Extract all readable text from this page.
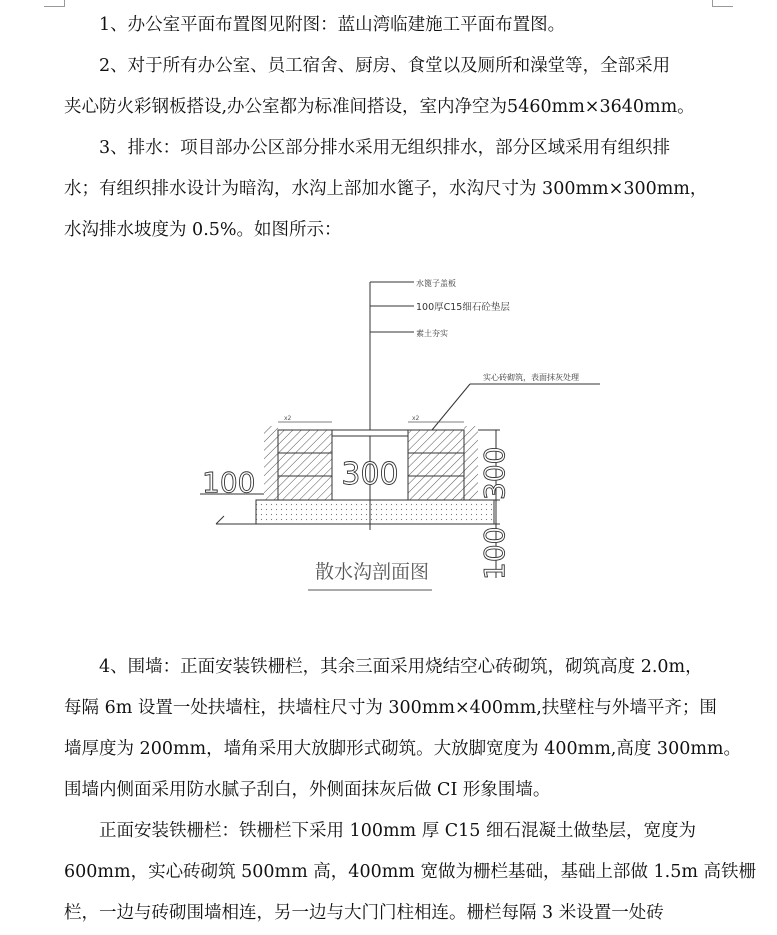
1、办公室平面布置图见附图：蓝山湾临建施工平面布置图。

2、对于所有办公室、员工宿舍、厨房、食堂以及厕所和澡堂等，全部采用
夹心防火彩钢板搭设,办公室都为标准间搭设，室内净空为5460mm×3640mm。

3、排水：项目部办公区部分排水采用无组织排水，部分区域采用有组织排
水；有组织排水设计为暗沟，水沟上部加水篦子，水沟尺寸为 300mm×300mm，
水沟排水坡度为 0.5%。如图所示：

水篦子盖板
100厚C15细石砼垫层
素土夯实
实心砖砌筑，表面抹灰处理
x2	x2
300
100	300
100
散水沟剖面图

4、围墙：正面安装铁栅栏，其余三面采用烧结空心砖砌筑，砌筑高度 2.0m，
每隔 6m 设置一处扶墙柱，扶墙柱尺寸为 300mm×400mm,扶壁柱与外墙平齐；围
墙厚度为 200mm，墙角采用大放脚形式砌筑。大放脚宽度为 400mm,高度 300mm。
围墙内侧面采用防水腻子刮白，外侧面抹灰后做 CI 形象围墙。

正面安装铁栅栏：铁栅栏下采用 100mm 厚 C15 细石混凝土做垫层，宽度为
600mm，实心砖砌筑 500mm 高，400mm 宽做为栅栏基础，基础上部做 1.5m 高铁栅
栏，一边与砖砌围墙相连，另一边与大门门柱相连。栅栏每隔 3 米设置一处砖
